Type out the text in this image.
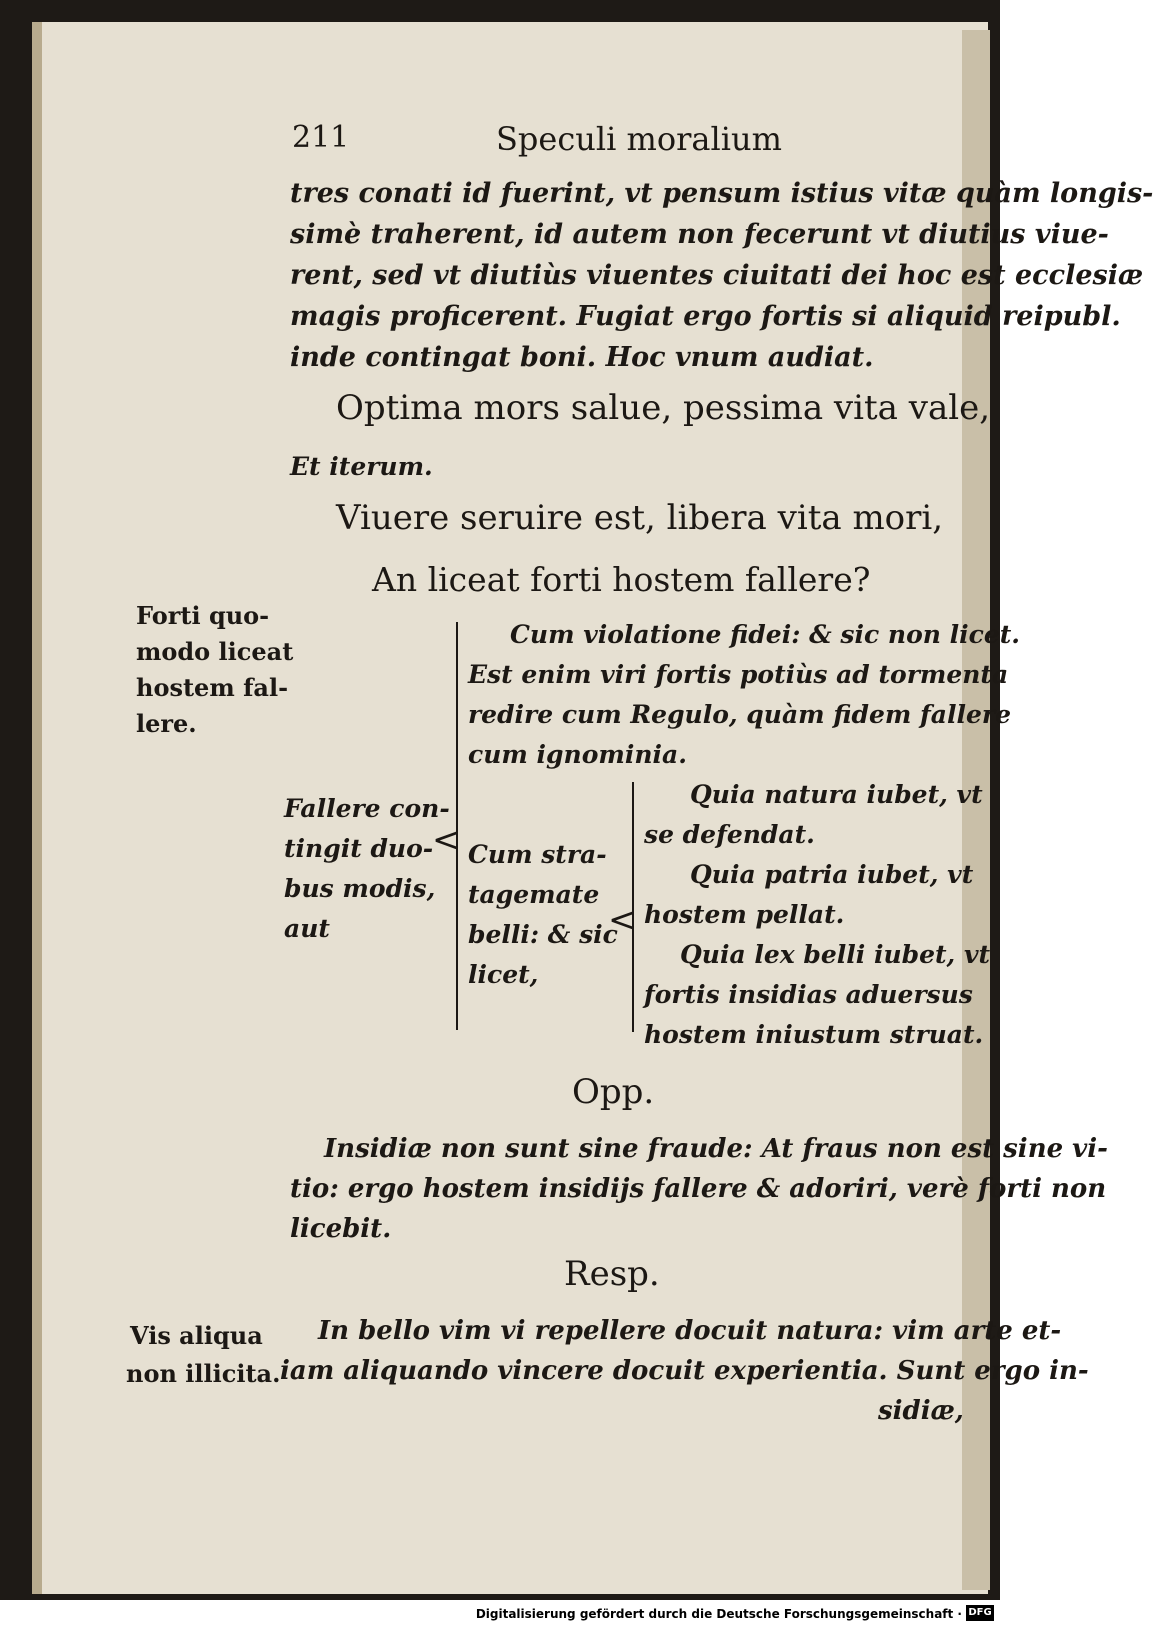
211	Speculi moralium
tres conati id fuerint, vt pensum istius vitæ quàm longis-
simè traherent, id autem non fecerunt vt diutius viue-
rent, sed vt diutiùs viuentes ciuitati dei hoc est ecclesiæ
magis proficerent. Fugiat ergo fortis si aliquid reipubl.
inde contingat boni. Hoc vnum audiat.
Optima mors salue, pessima vita vale,
Et iterum.
Viuere seruire est, libera vita mori,
An liceat forti hostem fallere?
Forti quo-
modo liceat
hostem fal-
lere.
<
Fallere con-
tingit duo-
bus modis,
aut
Cum violatione fidei: & sic non licet.
Est enim viri fortis potiùs ad tormenta
redire cum Regulo, quàm fidem fallere
cum ignominia.
Cum stra-
tagemate
belli: & sic
licet,
<
Quia natura iubet, vt
se defendat.
Quia patria iubet, vt
hostem pellat.
Quia lex belli iubet, vt
fortis insidias aduersus
hostem iniustum struat.
Opp.
Insidiæ non sunt sine fraude: At fraus non est sine vi-
tio: ergo hostem insidijs fallere & adoriri, verè forti non
licebit.
Resp.
In bello vim vi repellere docuit natura: vim arte et-
iam aliquando vincere docuit experientia. Sunt ergo in-
sidiæ,
Vis aliqua
non illicita.
Digitalisierung gefördert durch die Deutsche Forschungsgemeinschaft · DFG
